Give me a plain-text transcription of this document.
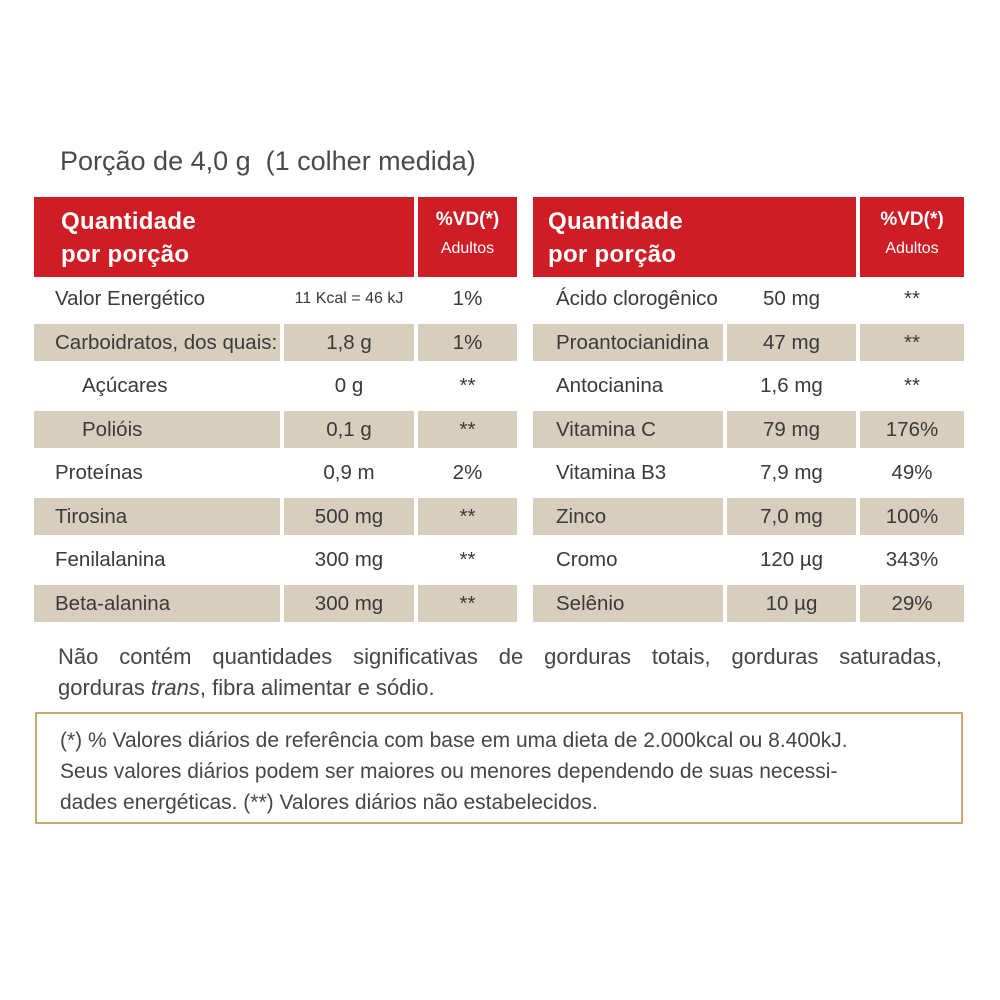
Porção de 4,0 g  (1 colher medida)
Quantidade
por porção
%VD(*)
Adultos
Valor Energético	11 Kcal = 46 kJ	1%
Carboidratos, dos quais:	1,8 g	1%
Açúcares	0 g	**
Polióis	0,1 g	**
Proteínas	0,9 m	2%
Tirosina	500 mg	**
Fenilalanina	300 mg	**
Beta-alanina	300 mg	**
Quantidade
por porção
%VD(*)
Adultos
Ácido clorogênico	50 mg	**
Proantocianidina	47 mg	**
Antocianina	1,6 mg	**
Vitamina C	79 mg	176%
Vitamina B3	7,9 mg	49%
Zinco	7,0 mg	100%
Cromo	120 µg	343%
Selênio	10 µg	29%
Não contém quantidades significativas de gorduras totais, gorduras saturadas,
gorduras trans, fibra alimentar e sódio.
(*) % Valores diários de referência com base em uma dieta de 2.000kcal ou 8.400kJ.
Seus valores diários podem ser maiores ou menores dependendo de suas necessi-
dades energéticas. (**) Valores diários não estabelecidos.
